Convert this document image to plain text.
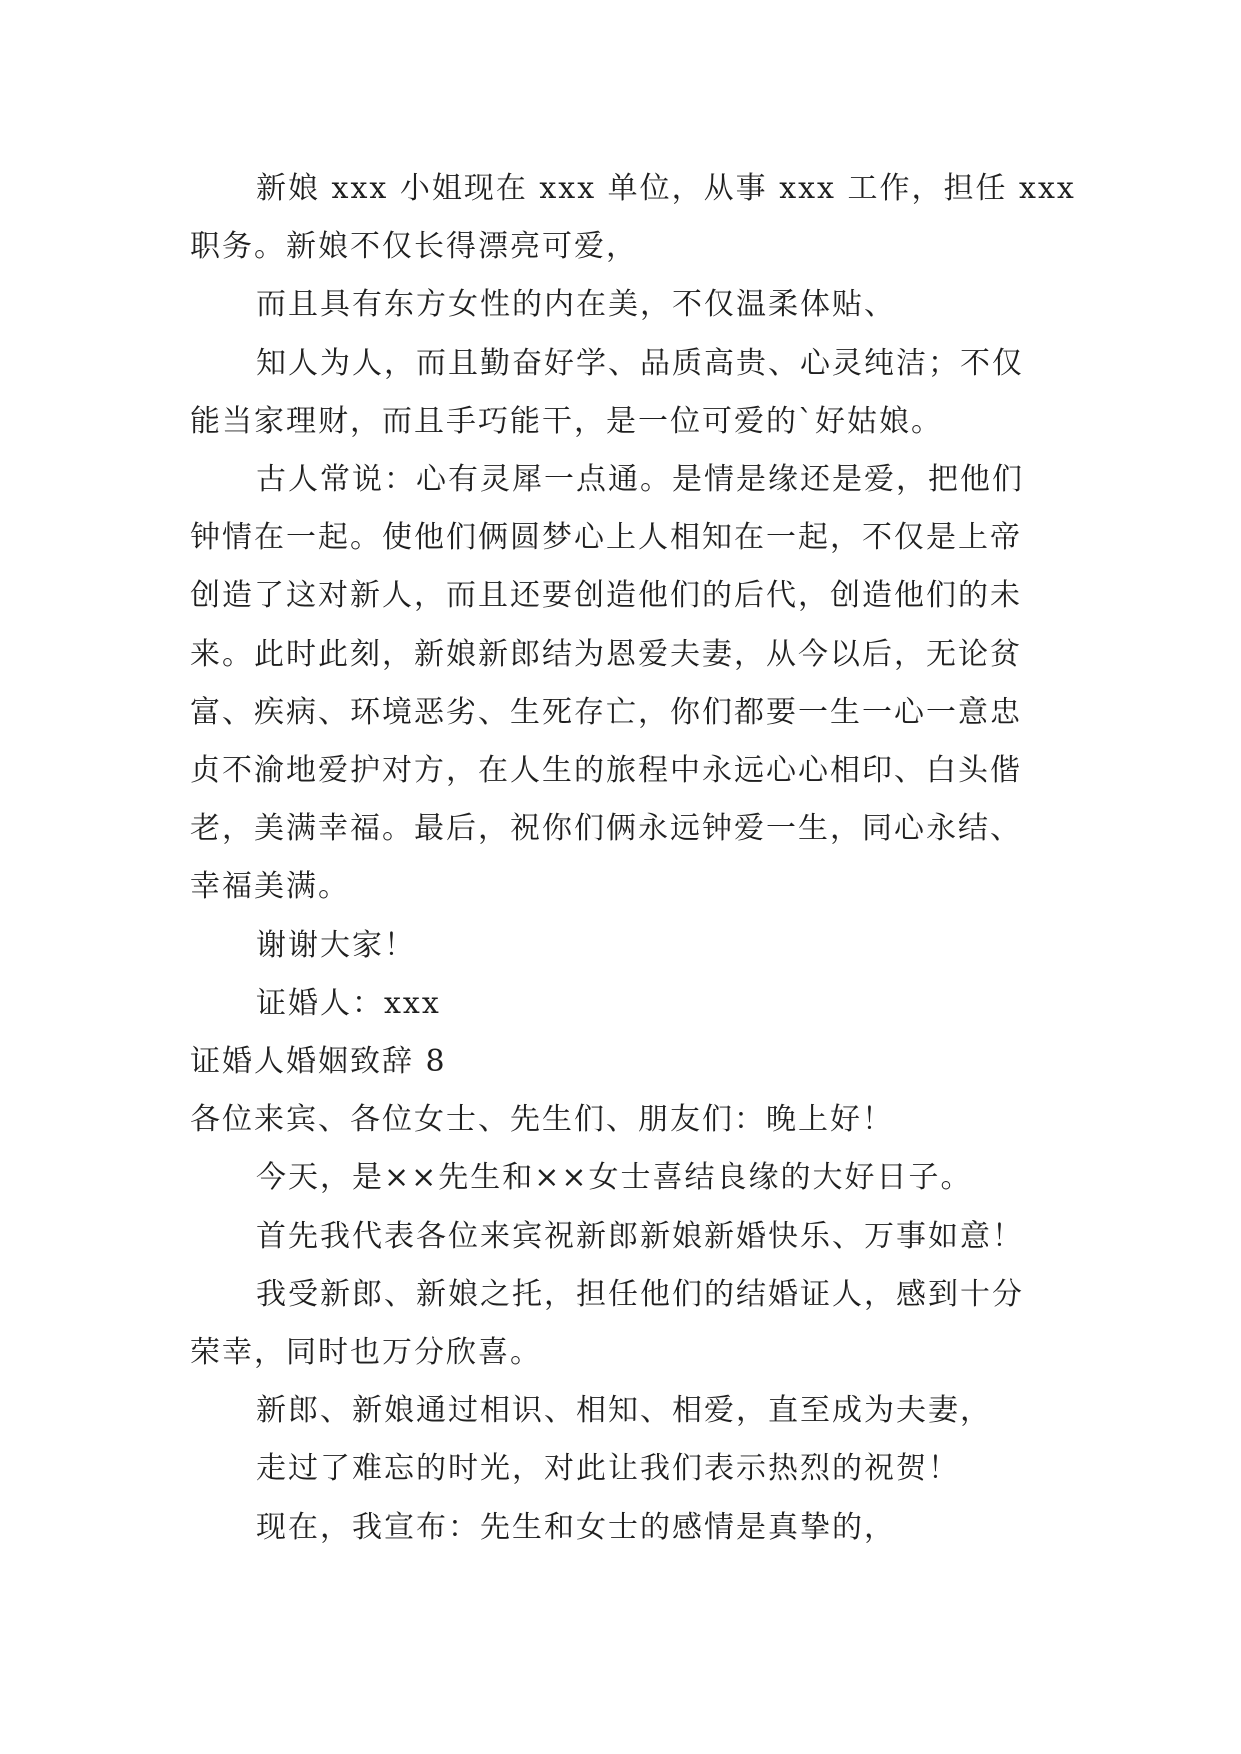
新娘 xxx 小姐现在 xxx 单位，从事 xxx 工作，担任 xxx

职务。新娘不仅长得漂亮可爱，

而且具有东方女性的内在美，不仅温柔体贴、

知人为人，而且勤奋好学、品质高贵、心灵纯洁；不仅

能当家理财，而且手巧能干，是一位可爱的`好姑娘。

古人常说：心有灵犀一点通。是情是缘还是爱，把他们

钟情在一起。使他们俩圆梦心上人相知在一起，不仅是上帝

创造了这对新人，而且还要创造他们的后代，创造他们的未

来。此时此刻，新娘新郎结为恩爱夫妻，从今以后，无论贫

富、疾病、环境恶劣、生死存亡，你们都要一生一心一意忠

贞不渝地爱护对方，在人生的旅程中永远心心相印、白头偕

老，美满幸福。最后，祝你们俩永远钟爱一生，同心永结、

幸福美满。

谢谢大家！

证婚人：xxx

证婚人婚姻致辞 8

各位来宾、各位女士、先生们、朋友们：晚上好！

今天，是××先生和××女士喜结良缘的大好日子。

首先我代表各位来宾祝新郎新娘新婚快乐、万事如意！

我受新郎、新娘之托，担任他们的结婚证人，感到十分

荣幸，同时也万分欣喜。

新郎、新娘通过相识、相知、相爱，直至成为夫妻，

走过了难忘的时光，对此让我们表示热烈的祝贺！

现在，我宣布：先生和女士的感情是真挚的，
